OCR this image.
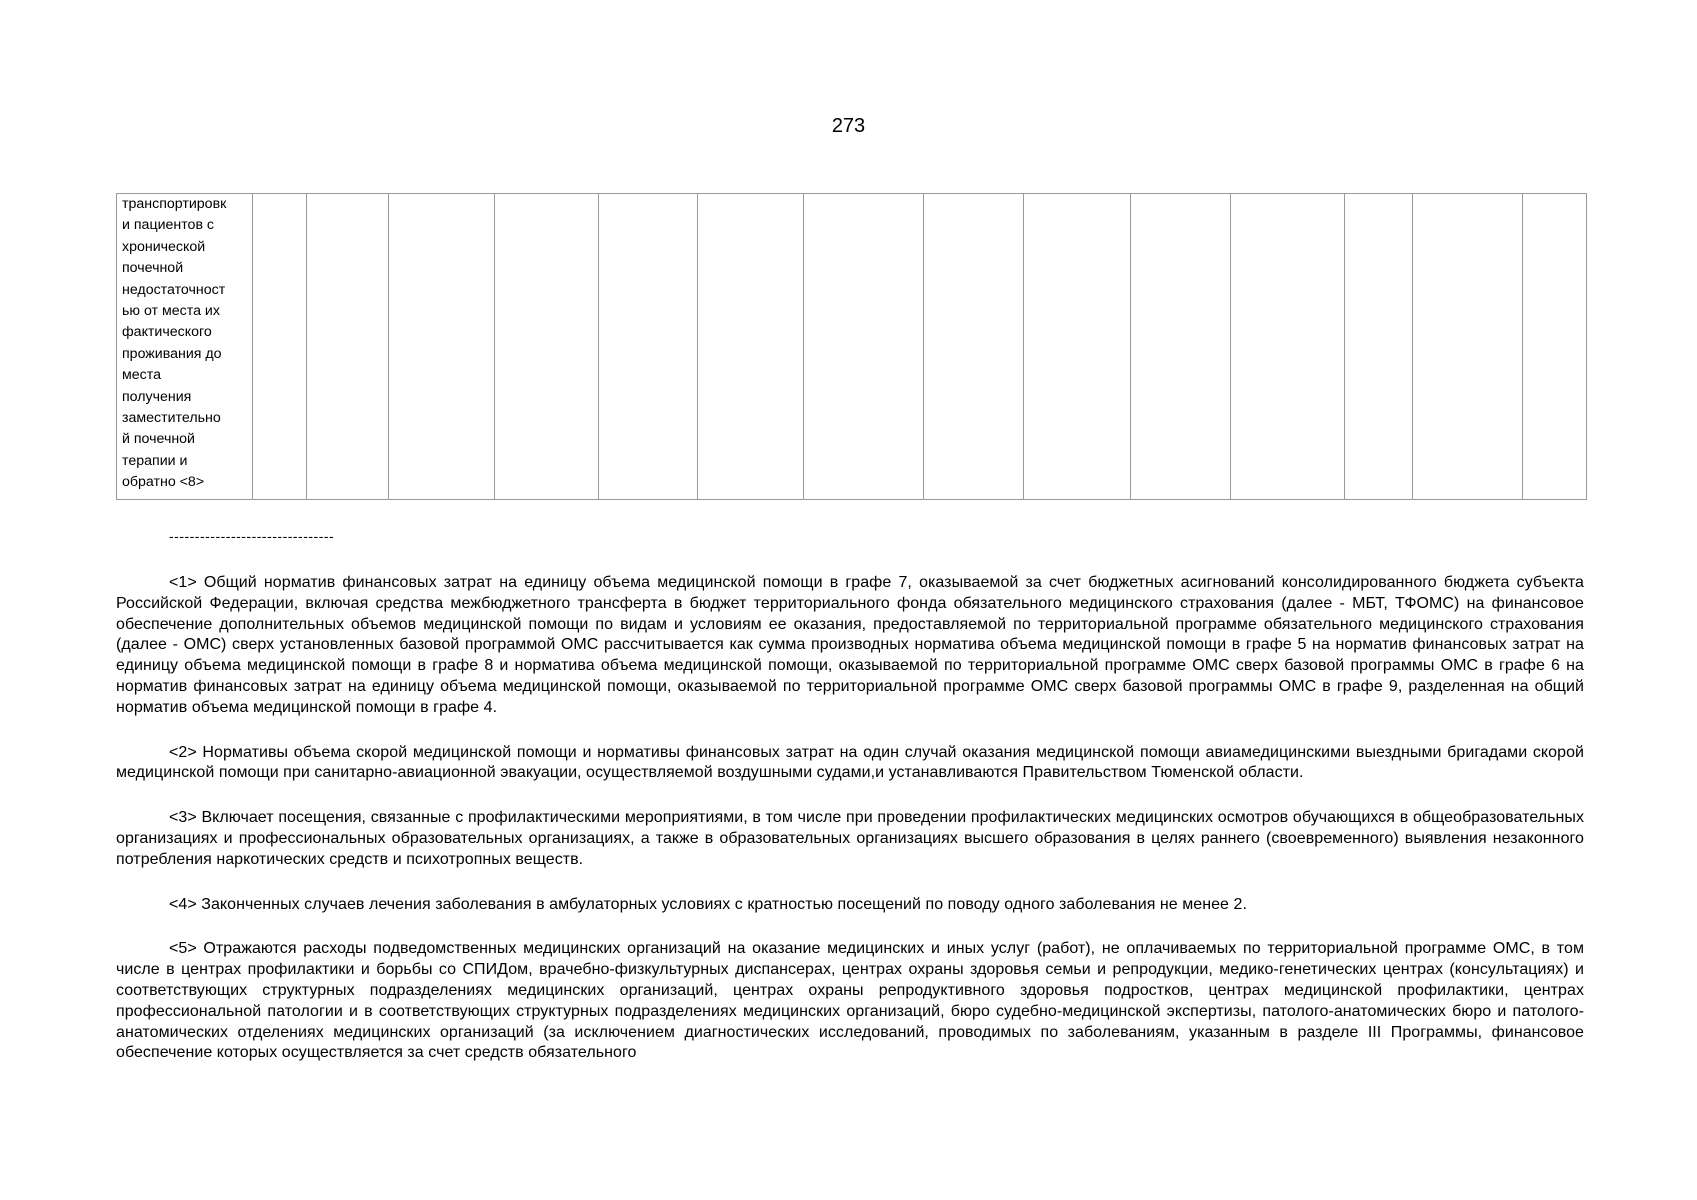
273
транспортировк
и пациентов с
хронической
почечной
недостаточност
ью от места их
фактического
проживания до
места
получения
заместительно
й почечной
терапии и
обратно <8>

--------------------------------

<1> Общий норматив финансовых затрат на единицу объема медицинской помощи в графе 7, оказываемой за счет бюджетных асигнований консолидированного бюджета субъекта Российской Федерации, включая средства межбюджетного трансферта в бюджет территориального фонда обязательного медицинского страхования (далее - МБТ, ТФОМС) на финансовое обеспечение дополнительных объемов медицинской помощи по видам и условиям ее оказания, предоставляемой по территориальной программе обязательного медицинского страхования (далее - ОМС) сверх установленных базовой программой ОМС рассчитывается как сумма производных норматива объема медицинской помощи в графе 5 на норматив финансовых затрат на единицу объема медицинской помощи в графе 8 и норматива объема медицинской помощи, оказываемой по территориальной программе ОМС сверх базовой программы ОМС в графе 6 на норматив финансовых затрат на единицу объема медицинской помощи, оказываемой по территориальной программе ОМС сверх базовой программы ОМС в графе 9, разделенная на общий норматив объема медицинской помощи в графе 4.

<2> Нормативы объема скорой медицинской помощи и нормативы финансовых затрат на один случай оказания медицинской помощи авиамедицинскими выездными бригадами скорой медицинской помощи при санитарно-авиационной эвакуации, осуществляемой воздушными судами,и устанавливаются Правительством Тюменской области.

<3> Включает посещения, связанные с профилактическими мероприятиями, в том числе при проведении профилактических медицинских осмотров обучающихся в общеобразовательных организациях и профессиональных образовательных организациях, а также в образовательных организациях высшего образования в целях раннего (своевременного) выявления незаконного потребления наркотических средств и психотропных веществ.

<4> Законченных случаев лечения заболевания в амбулаторных условиях с кратностью посещений по поводу одного заболевания не менее 2.

<5> Отражаются расходы подведомственных медицинских организаций на оказание медицинских и иных услуг (работ), не оплачиваемых по территориальной программе ОМС, в том числе в центрах профилактики и борьбы со СПИДом, врачебно-физкультурных диспансерах, центрах охраны здоровья семьи и репродукции, медико-генетических центрах (консультациях) и соответствующих структурных подразделениях медицинских организаций, центрах охраны репродуктивного здоровья подростков, центрах медицинской профилактики, центрах профессиональной патологии и в соответствующих структурных подразделениях медицинских организаций, бюро судебно-медицинской экспертизы, патолого-анатомических бюро и патолого-анатомических отделениях медицинских организаций (за исключением диагностических исследований, проводимых по заболеваниям, указанным в разделе III Программы, финансовое обеспечение которых осуществляется за счет средств обязательного
